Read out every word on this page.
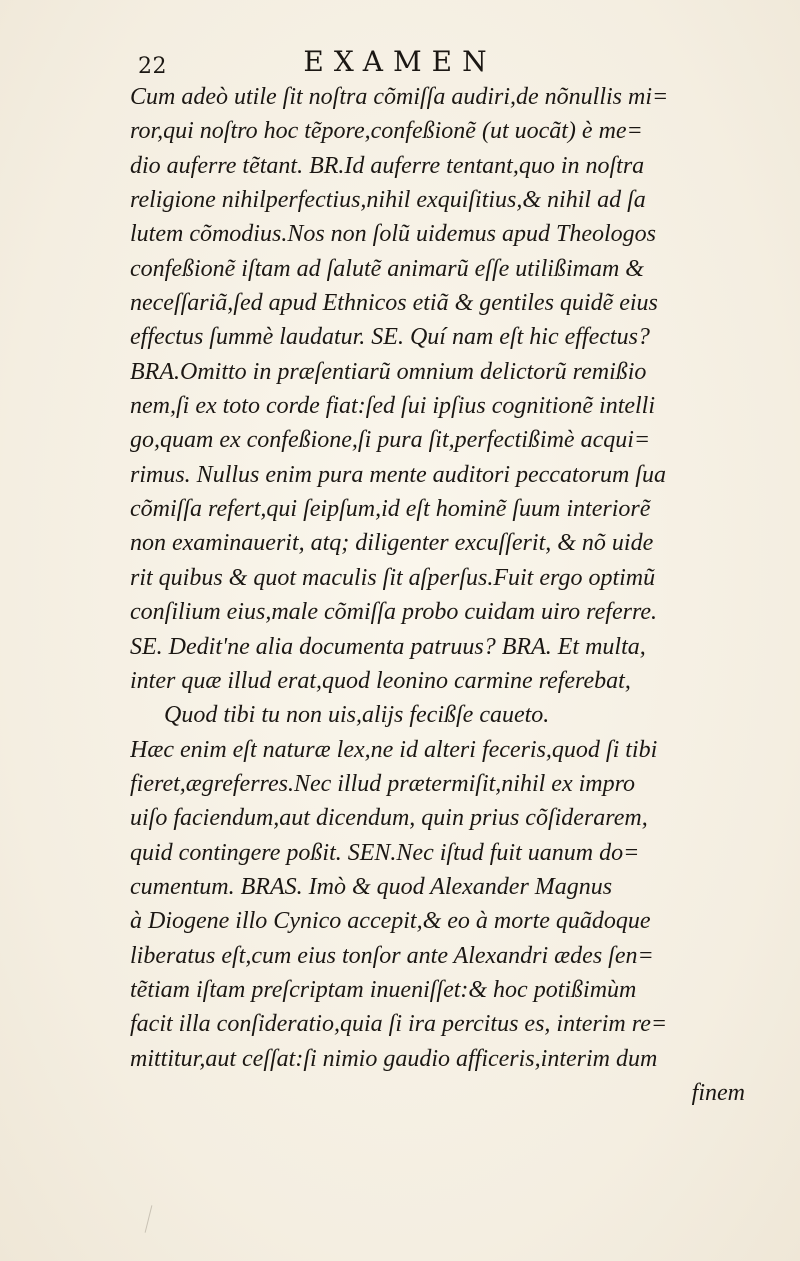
22	EXAMEN
Cum adeò utile ſit noſtra cõmiſſa audiri,de nõnullis mi=
ror,qui noſtro hoc tẽpore,confeßionẽ (ut uocãt) è me=
dio auferre tẽtant. BR.Id auferre tentant,quo in noſtra
religione nihilperfectius,nihil exquiſitius,& nihil ad ſa
lutem cõmodius.Nos non ſolũ uidemus apud Theologos
confeßionẽ iſtam ad ſalutẽ animarũ eſſe utilißimam &
neceſſariã,ſed apud Ethnicos etiã & gentiles quidẽ eius
effectus ſummè laudatur. SE. Quí nam eſt hic effectus?
BRA.Omitto in præſentiarũ omnium delictorũ remißio
nem,ſi ex toto corde fiat:ſed ſui ipſius cognitionẽ intelli
go,quam ex confeßione,ſi pura ſit,perfectißimè acqui=
rimus. Nullus enim pura mente auditori peccatorum ſua
cõmiſſa refert,qui ſeipſum,id eſt hominẽ ſuum interiorẽ
non examinauerit, atq; diligenter excuſſerit, & nõ uide
rit quibus & quot maculis ſit aſperſus.Fuit ergo optimũ
conſilium eius,male cõmiſſa probo cuidam uiro referre.
SE. Dedit'ne alia documenta patruus? BRA. Et multa,
inter quæ illud erat,quod leonino carmine referebat,
Quod tibi tu non uis,alijs fecißſe caueto.
Hæc enim eſt naturæ lex,ne id alteri feceris,quod ſi tibi
fieret,ægreferres.Nec illud prætermiſit,nihil ex impro
uiſo faciendum,aut dicendum, quin prius cõſiderarem,
quid contingere poßit. SEN.Nec iſtud fuit uanum do=
cumentum. BRAS. Imò & quod Alexander Magnus
à Diogene illo Cynico accepit,& eo à morte quãdoque
liberatus eſt,cum eius tonſor ante Alexandri ædes ſen=
tẽtiam iſtam preſcriptam inueniſſet:& hoc potißimùm
facit illa conſideratio,quia ſi ira percitus es, interim re=
mittitur,aut ceſſat:ſi nimio gaudio afficeris,interim dum
finem
